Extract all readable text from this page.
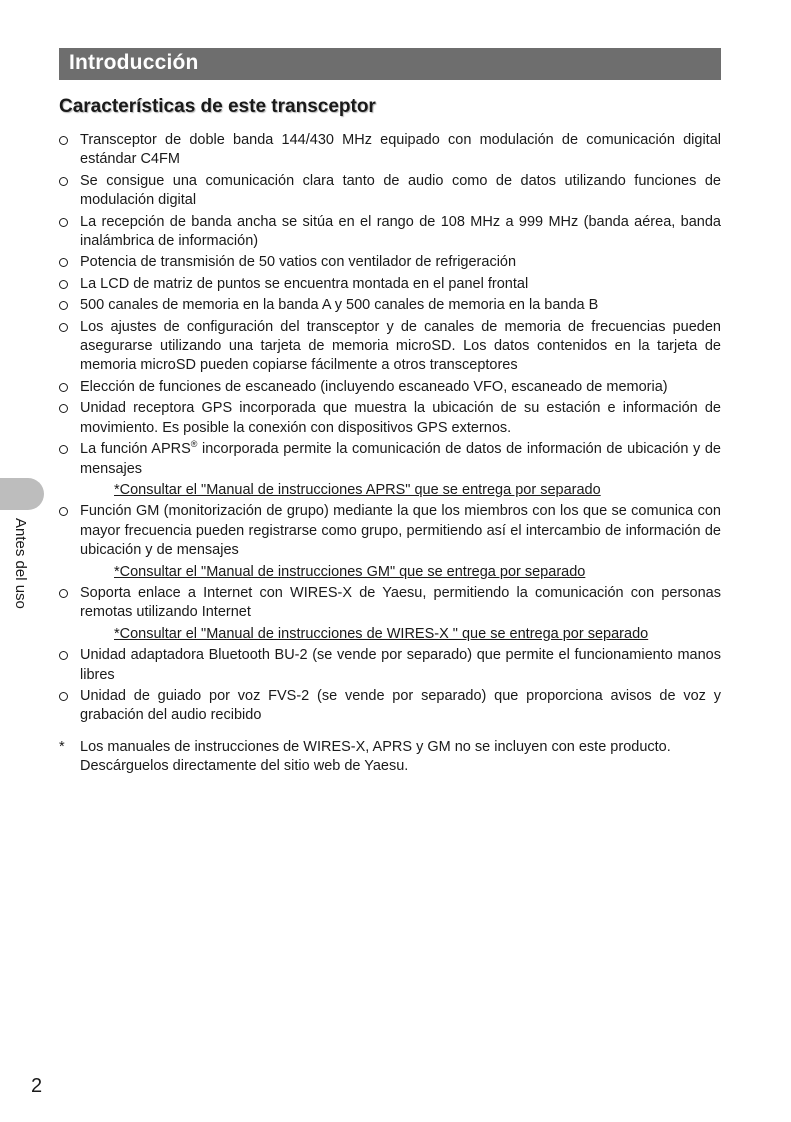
Introducción
Características de este transceptor
Transceptor de doble banda 144/430 MHz equipado con modulación de comunicación digital estándar C4FM
Se consigue una comunicación clara tanto de audio como de datos utilizando funciones de modulación digital
La recepción de banda ancha se sitúa en el rango de 108 MHz a 999 MHz (banda aérea, banda inalámbrica de información)
Potencia de transmisión de 50 vatios con ventilador de refrigeración
La LCD de matriz de puntos se encuentra montada en el panel frontal
500 canales de memoria en la banda A y 500 canales de memoria en la banda B
Los ajustes de configuración del transceptor y de canales de memoria de frecuencias pueden asegurarse utilizando una tarjeta de memoria microSD. Los datos contenidos en la tarjeta de memoria microSD pueden copiarse fácilmente a otros transceptores
Elección de funciones de escaneado (incluyendo escaneado VFO, escaneado de memoria)
Unidad receptora GPS incorporada que muestra la ubicación de su estación e información de movimiento. Es posible la conexión con dispositivos GPS externos.
La función APRS® incorporada permite la comunicación de datos de información de ubicación y de mensajes
*Consultar el "Manual de instrucciones APRS" que se entrega por separado
Función GM (monitorización de grupo) mediante la que los miembros con los que se comunica con mayor frecuencia pueden registrarse como grupo, permitiendo así el intercambio de información de ubicación y de mensajes
*Consultar el "Manual de instrucciones GM" que se entrega por separado
Soporta enlace a Internet con WIRES-X de Yaesu, permitiendo la comunicación con personas remotas utilizando Internet
*Consultar el "Manual de instrucciones de WIRES-X " que se entrega por separado
Unidad adaptadora Bluetooth BU-2 (se vende por separado) que permite el funcionamiento manos libres
Unidad de guiado por voz FVS-2 (se vende por separado) que proporciona avisos de voz y grabación del audio recibido
* Los manuales de instrucciones de WIRES-X, APRS y GM no se incluyen con este producto. Descárguelos directamente del sitio web de Yaesu.
Antes del uso
2
